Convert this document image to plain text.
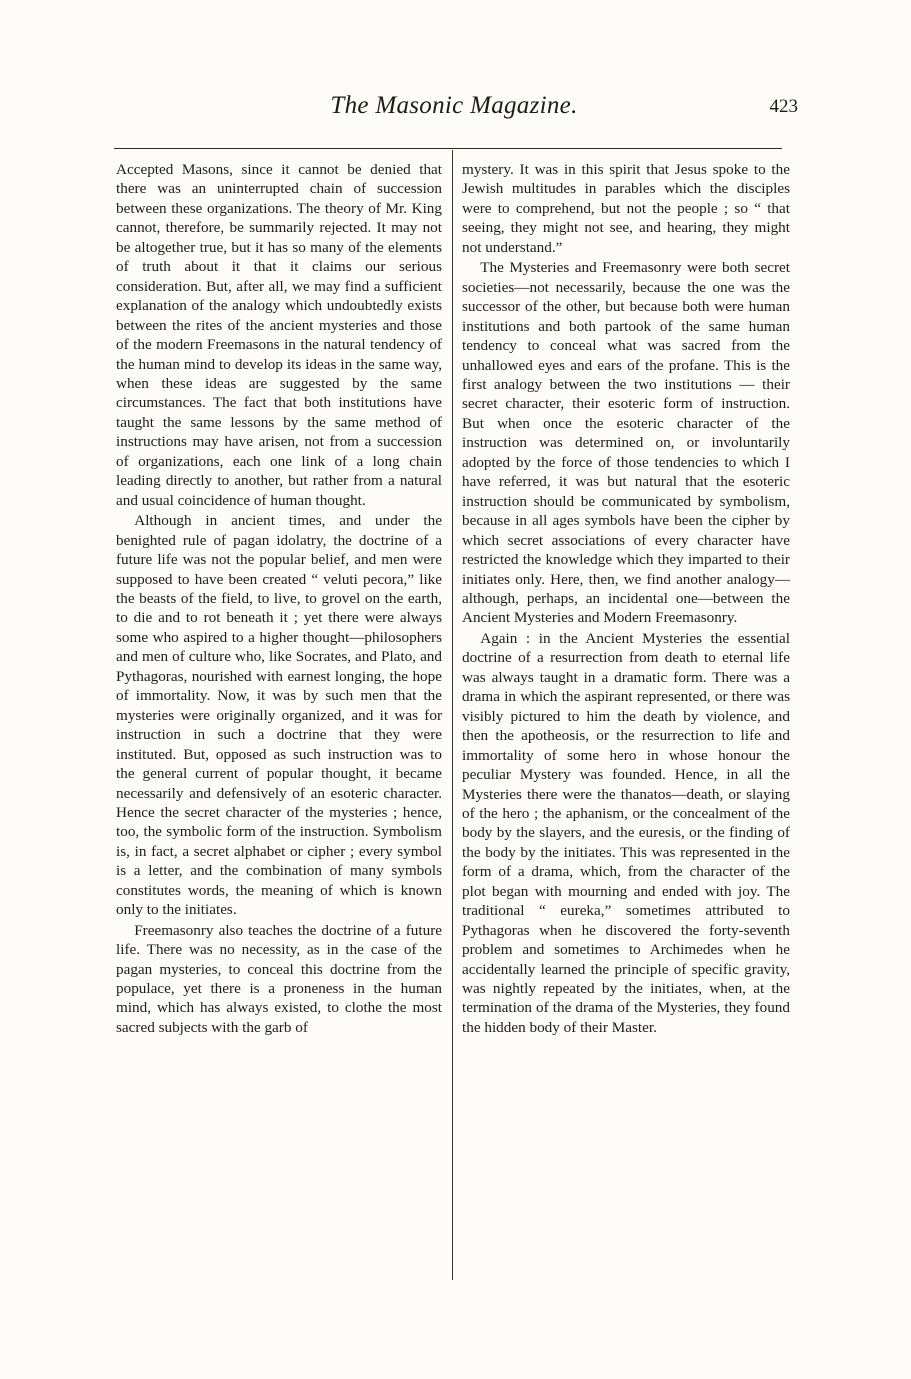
The Masonic Magazine.	423

Accepted Masons, since it cannot be denied that there was an uninterrupted chain of succession between these organizations. The theory of Mr. King cannot, therefore, be summarily rejected. It may not be altogether true, but it has so many of the elements of truth about it that it claims our serious consideration. But, after all, we may find a sufficient explanation of the analogy which undoubtedly exists between the rites of the ancient mysteries and those of the modern Freemasons in the natural tendency of the human mind to develop its ideas in the same way, when these ideas are suggested by the same circumstances. The fact that both institutions have taught the same lessons by the same method of instructions may have arisen, not from a succession of organizations, each one link of a long chain leading directly to another, but rather from a natural and usual coincidence of human thought.

Although in ancient times, and under the benighted rule of pagan idolatry, the doctrine of a future life was not the popular belief, and men were supposed to have been created “ veluti pecora,” like the beasts of the field, to live, to grovel on the earth, to die and to rot beneath it ; yet there were always some who aspired to a higher thought—philosophers and men of culture who, like Socrates, and Plato, and Pythagoras, nourished with earnest longing, the hope of immortality. Now, it was by such men that the mysteries were originally organized, and it was for instruction in such a doctrine that they were instituted. But, opposed as such instruction was to the general current of popular thought, it became necessarily and defensively of an esoteric character. Hence the secret character of the mysteries ; hence, too, the symbolic form of the instruction. Symbolism is, in fact, a secret alphabet or cipher ; every symbol is a letter, and the combination of many symbols constitutes words, the meaning of which is known only to the initiates.

Freemasonry also teaches the doctrine of a future life. There was no necessity, as in the case of the pagan mysteries, to conceal this doctrine from the populace, yet there is a proneness in the human mind, which has always existed, to clothe the most sacred subjects with the garb of

mystery. It was in this spirit that Jesus spoke to the Jewish multitudes in parables which the disciples were to comprehend, but not the people ; so “ that seeing, they might not see, and hearing, they might not understand.”

The Mysteries and Freemasonry were both secret societies—not necessarily, because the one was the successor of the other, but because both were human institutions and both partook of the same human tendency to conceal what was sacred from the unhallowed eyes and ears of the profane. This is the first analogy between the two institutions — their secret character, their esoteric form of instruction. But when once the esoteric character of the instruction was determined on, or involuntarily adopted by the force of those tendencies to which I have referred, it was but natural that the esoteric instruction should be communicated by symbolism, because in all ages symbols have been the cipher by which secret associations of every character have restricted the knowledge which they imparted to their initiates only. Here, then, we find another analogy—although, perhaps, an incidental one—between the Ancient Mysteries and Modern Freemasonry.

Again : in the Ancient Mysteries the essential doctrine of a resurrection from death to eternal life was always taught in a dramatic form. There was a drama in which the aspirant represented, or there was visibly pictured to him the death by violence, and then the apotheosis, or the resurrection to life and immortality of some hero in whose honour the peculiar Mystery was founded. Hence, in all the Mysteries there were the thanatos—death, or slaying of the hero ; the aphanism, or the concealment of the body by the slayers, and the euresis, or the finding of the body by the initiates. This was represented in the form of a drama, which, from the character of the plot began with mourning and ended with joy. The traditional “ eureka,” sometimes attributed to Pythagoras when he discovered the forty-seventh problem and sometimes to Archimedes when he accidentally learned the principle of specific gravity, was nightly repeated by the initiates, when, at the termination of the drama of the Mysteries, they found the hidden body of their Master.
